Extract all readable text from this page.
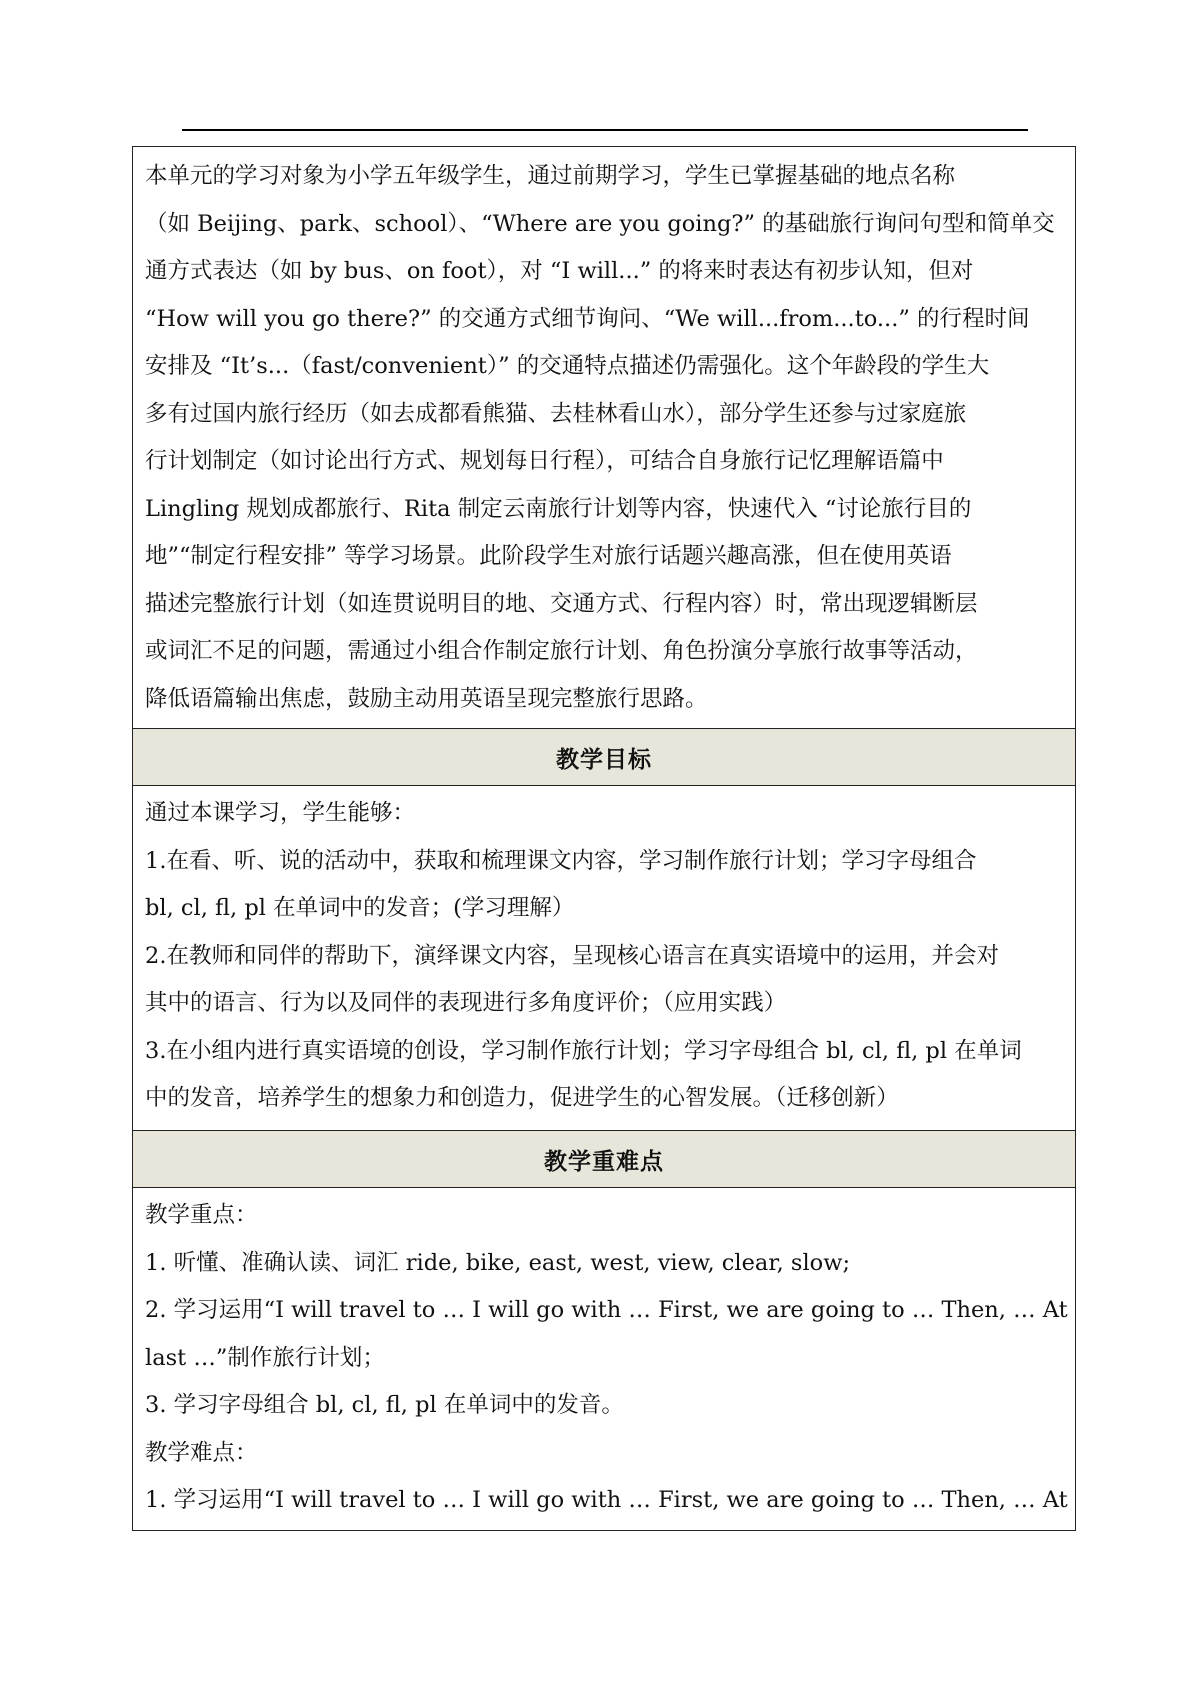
本单元的学习对象为小学五年级学生，通过前期学习，学生已掌握基础的地点名称
（如 Beijing、park、school）、“Where are you going?” 的基础旅行询问句型和简单交
通方式表达（如 by bus、on foot），对 “I will...” 的将来时表达有初步认知，但对
“How will you go there?” 的交通方式细节询问、“We will...from...to...” 的行程时间
安排及 “It’s...（fast/convenient）” 的交通特点描述仍需强化。这个年龄段的学生大
多有过国内旅行经历（如去成都看熊猫、去桂林看山水），部分学生还参与过家庭旅
行计划制定（如讨论出行方式、规划每日行程），可结合自身旅行记忆理解语篇中
Lingling 规划成都旅行、Rita 制定云南旅行计划等内容，快速代入 “讨论旅行目的
地”“制定行程安排” 等学习场景。此阶段学生对旅行话题兴趣高涨，但在使用英语
描述完整旅行计划（如连贯说明目的地、交通方式、行程内容）时，常出现逻辑断层
或词汇不足的问题，需通过小组合作制定旅行计划、角色扮演分享旅行故事等活动，
降低语篇输出焦虑，鼓励主动用英语呈现完整旅行思路。
教学目标
通过本课学习，学生能够：
1.在看、听、说的活动中，获取和梳理课文内容，学习制作旅行计划；学习字母组合
bl, cl, fl, pl 在单词中的发音；(学习理解）
2.在教师和同伴的帮助下，演绎课文内容，呈现核心语言在真实语境中的运用，并会对
其中的语言、行为以及同伴的表现进行多角度评价；（应用实践）
3.在小组内进行真实语境的创设，学习制作旅行计划；学习字母组合 bl, cl, fl, pl 在单词
中的发音，培养学生的想象力和创造力，促进学生的心智发展。（迁移创新）
教学重难点
教学重点：
1. 听懂、准确认读、词汇 ride, bike, east, west, view, clear, slow;
2. 学习运用“I will travel to … I will go with … First, we are going to … Then, … At
last …”制作旅行计划；
3. 学习字母组合 bl, cl, fl, pl 在单词中的发音。
教学难点：
1. 学习运用“I will travel to … I will go with … First, we are going to … Then, … At
